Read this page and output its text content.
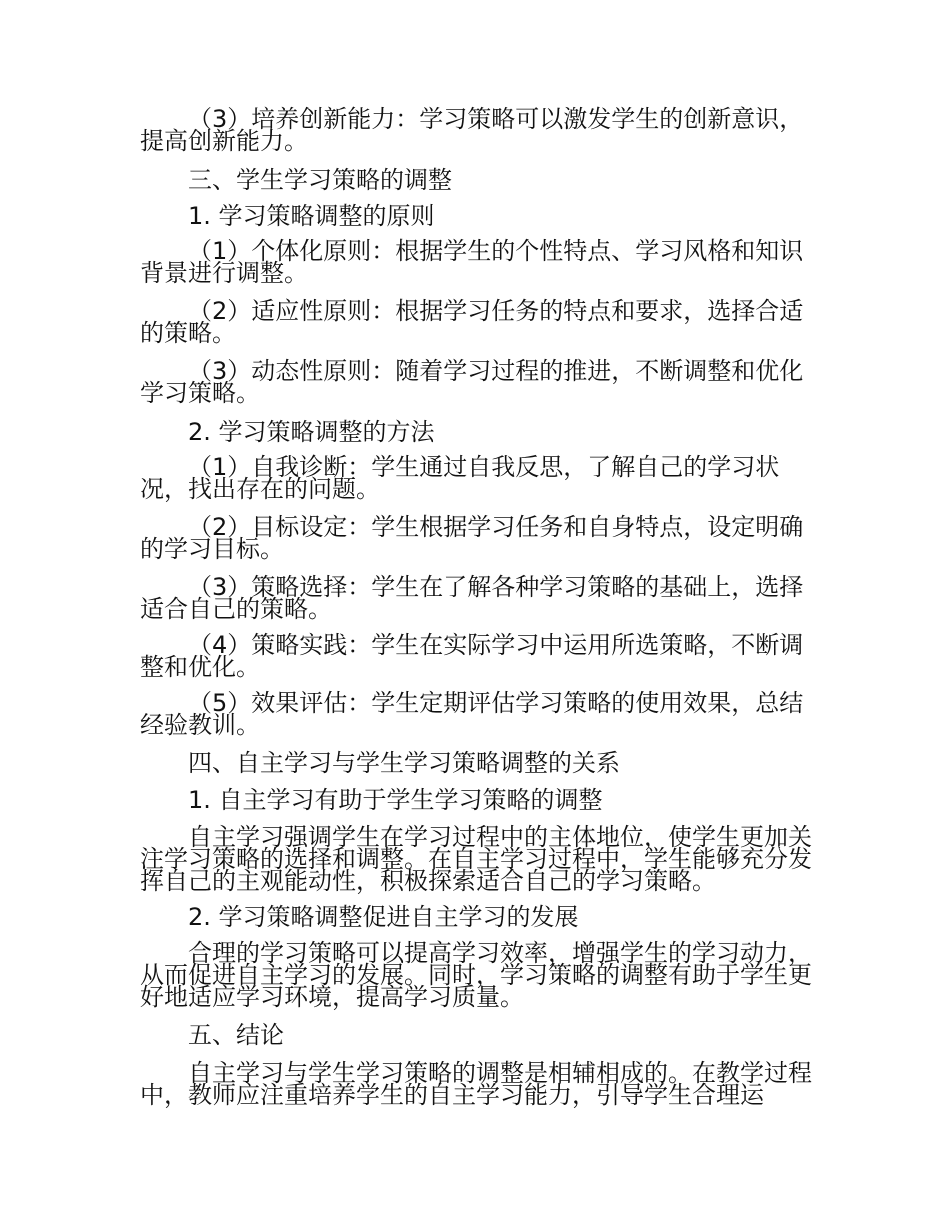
（3）培养创新能力：学习策略可以激发学生的创新意识，提高创新能力。

三、学生学习策略的调整

1. 学习策略调整的原则

（1）个体化原则：根据学生的个性特点、学习风格和知识背景进行调整。

（2）适应性原则：根据学习任务的特点和要求，选择合适的策略。

（3）动态性原则：随着学习过程的推进，不断调整和优化学习策略。

2. 学习策略调整的方法

（1）自我诊断：学生通过自我反思，了解自己的学习状况，找出存在的问题。

（2）目标设定：学生根据学习任务和自身特点，设定明确的学习目标。

（3）策略选择：学生在了解各种学习策略的基础上，选择适合自己的策略。

（4）策略实践：学生在实际学习中运用所选策略，不断调整和优化。

（5）效果评估：学生定期评估学习策略的使用效果，总结经验教训。

四、自主学习与学生学习策略调整的关系

1. 自主学习有助于学生学习策略的调整

自主学习强调学生在学习过程中的主体地位，使学生更加关注学习策略的选择和调整。在自主学习过程中，学生能够充分发挥自己的主观能动性，积极探索适合自己的学习策略。

2. 学习策略调整促进自主学习的发展

合理的学习策略可以提高学习效率，增强学生的学习动力，从而促进自主学习的发展。同时，学习策略的调整有助于学生更好地适应学习环境，提高学习质量。

五、结论

自主学习与学生学习策略的调整是相辅相成的。在教学过程中，教师应注重培养学生的自主学习能力，引导学生合理运
